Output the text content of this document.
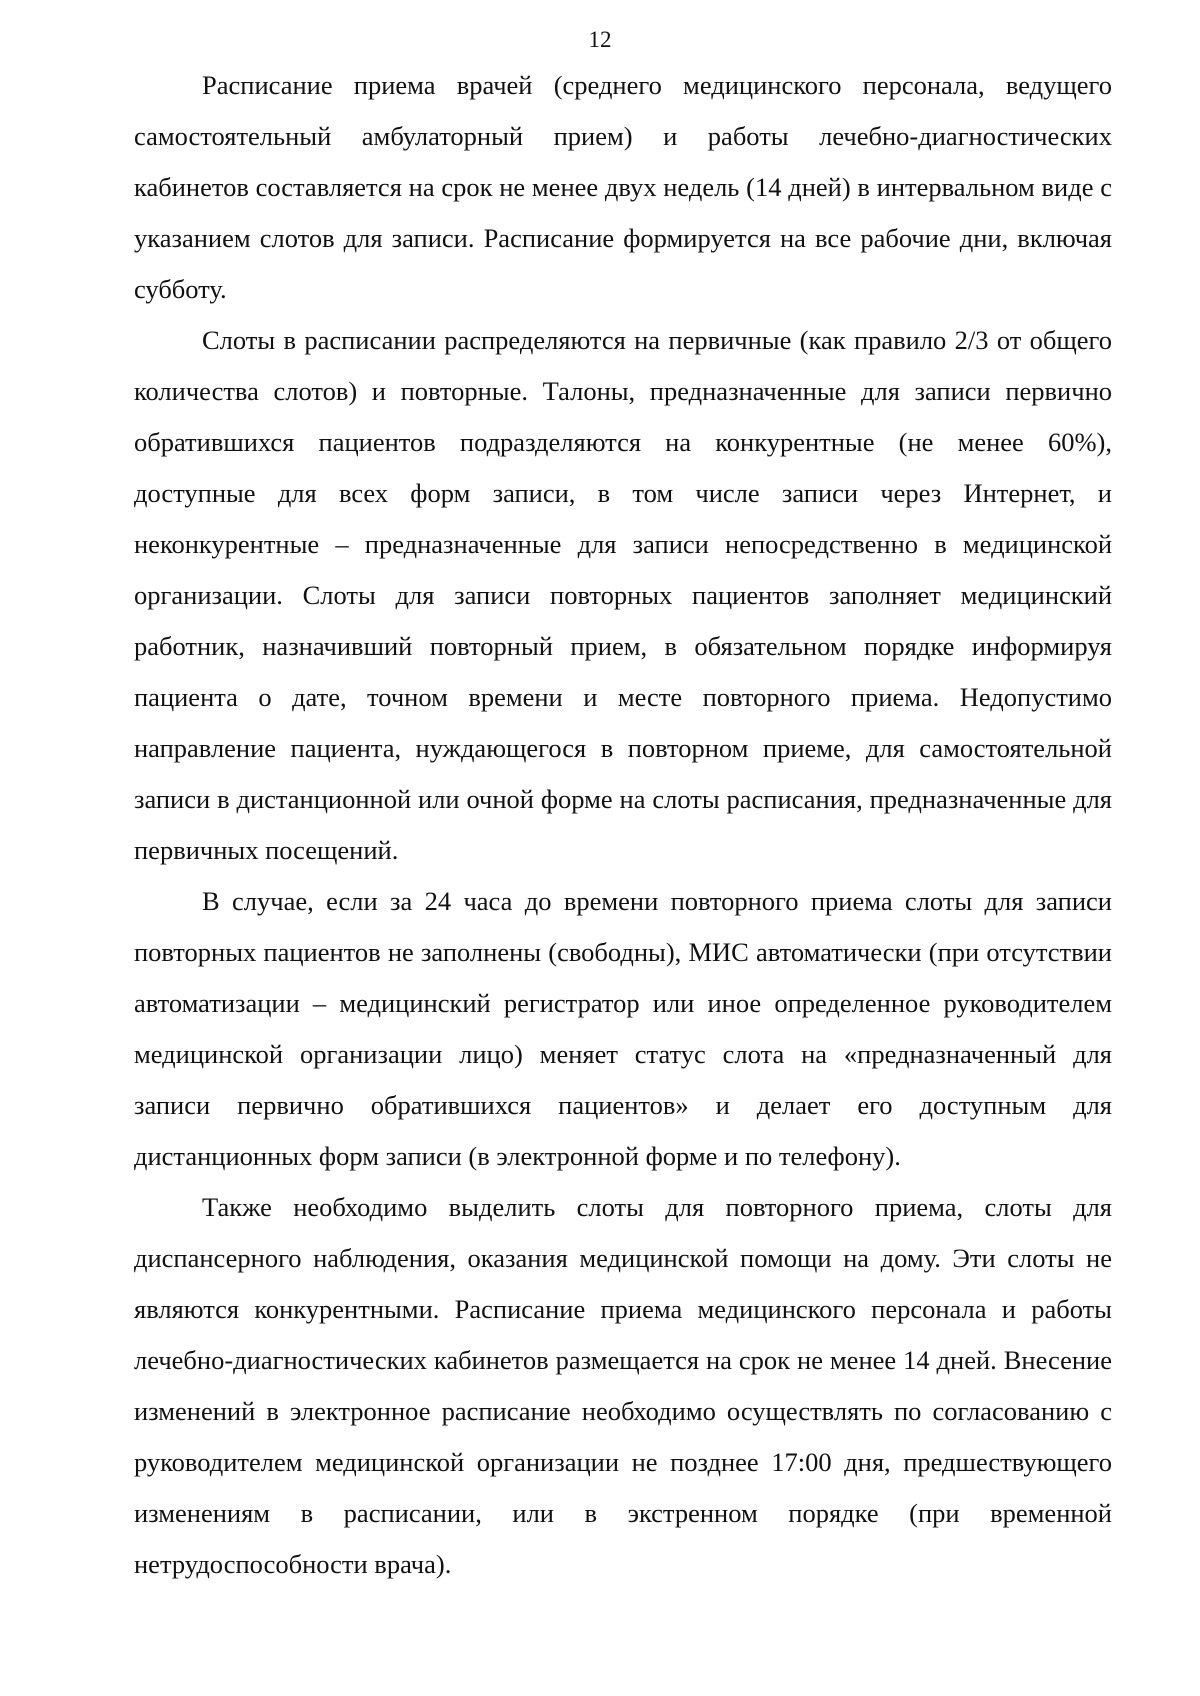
12

Расписание приема врачей (среднего медицинского персонала, ведущего самостоятельный амбулаторный прием) и работы лечебно-диагностических кабинетов составляется на срок не менее двух недель (14 дней) в интервальном виде с указанием слотов для записи. Расписание формируется на все рабочие дни, включая субботу.

Слоты в расписании распределяются на первичные (как правило 2/3 от общего количества слотов) и повторные. Талоны, предназначенные для записи первично обратившихся пациентов подразделяются на конкурентные (не менее 60%), доступные для всех форм записи, в том числе записи через Интернет, и неконкурентные – предназначенные для записи непосредственно в медицинской организации. Слоты для записи повторных пациентов заполняет медицинский работник, назначивший повторный прием, в обязательном порядке информируя пациента о дате, точном времени и месте повторного приема. Недопустимо направление пациента, нуждающегося в повторном приеме, для самостоятельной записи в дистанционной или очной форме на слоты расписания, предназначенные для первичных посещений.

В случае, если за 24 часа до времени повторного приема слоты для записи повторных пациентов не заполнены (свободны), МИС автоматически (при отсутствии автоматизации – медицинский регистратор или иное определенное руководителем медицинской организации лицо) меняет статус слота на «предназначенный для записи первично обратившихся пациентов» и делает его доступным для дистанционных форм записи (в электронной форме и по телефону).

Также необходимо выделить слоты для повторного приема, слоты для диспансерного наблюдения, оказания медицинской помощи на дому. Эти слоты не являются конкурентными. Расписание приема медицинского персонала и работы лечебно-диагностических кабинетов размещается на срок не менее 14 дней. Внесение изменений в электронное расписание необходимо осуществлять по согласованию с руководителем медицинской организации не позднее 17:00 дня, предшествующего изменениям в расписании, или в экстренном порядке (при временной нетрудоспособности врача).
